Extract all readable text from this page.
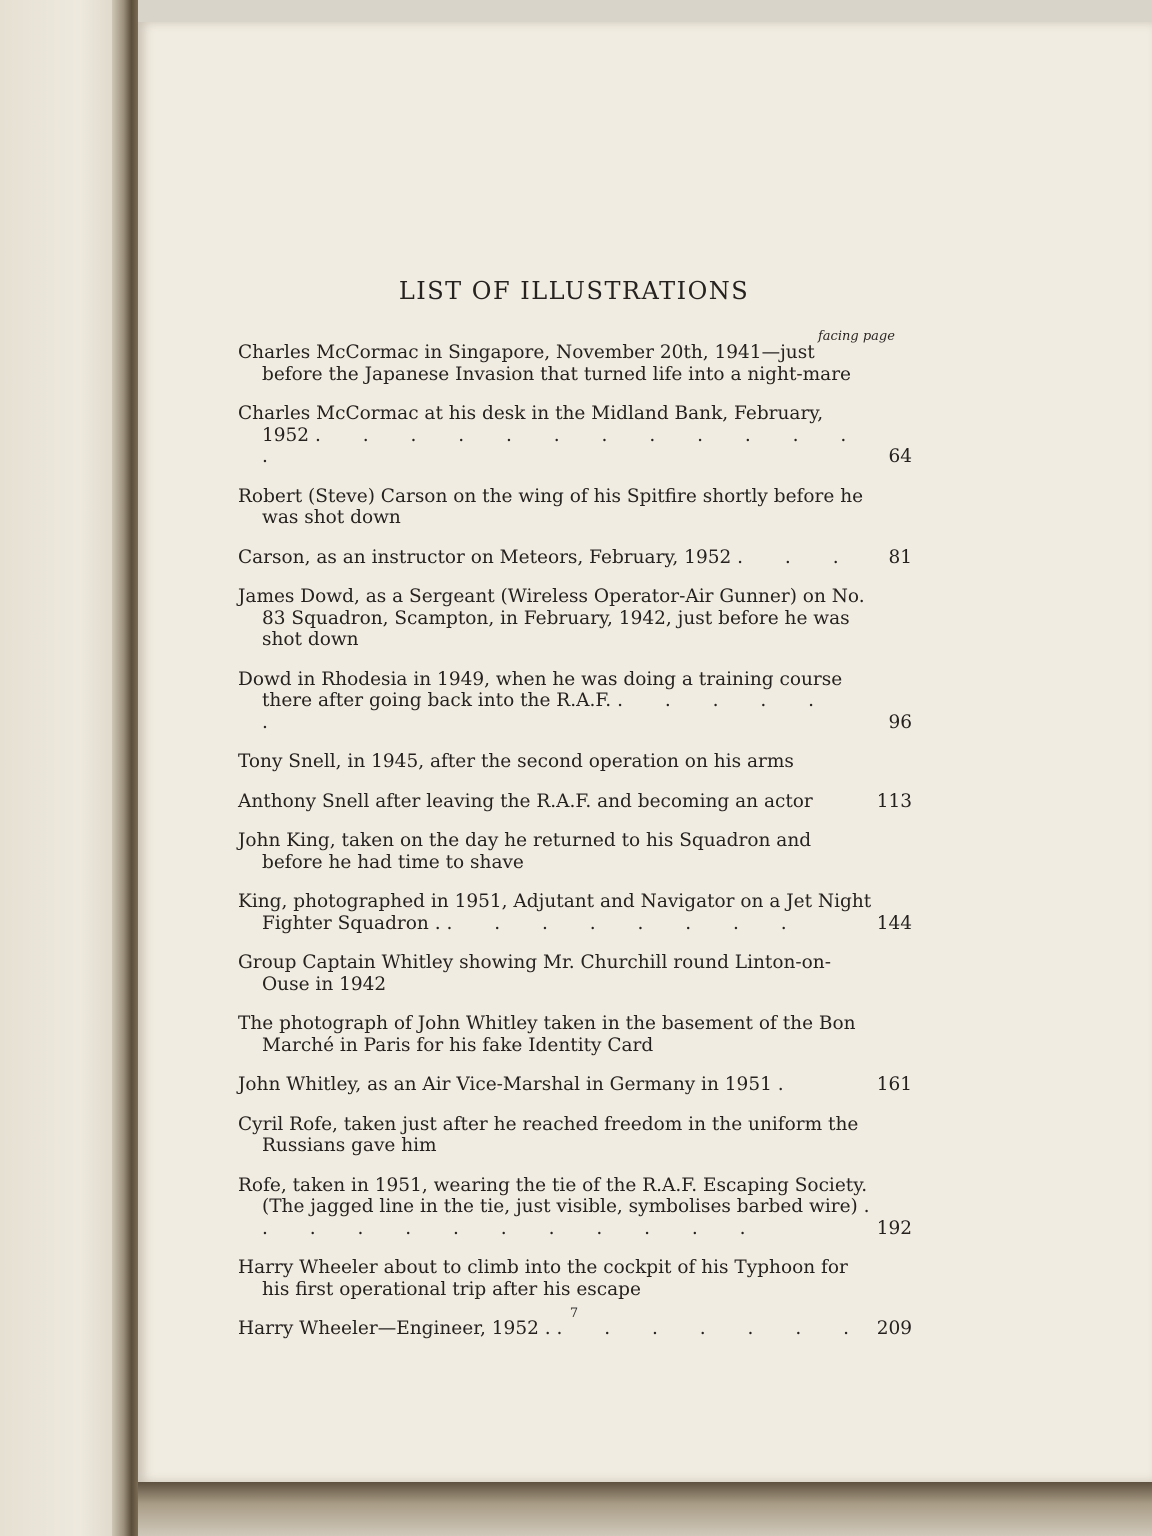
LIST OF ILLUSTRATIONS
facing page
Charles McCormac in Singapore, November 20th, 1941—just before the Japanese Invasion that turned life into a night-mare
Charles McCormac at his desk in the Midland Bank, February, 1952 . . . . . . . . . . . . .	64
Robert (Steve) Carson on the wing of his Spitfire shortly before he was shot down
Carson, as an instructor on Meteors, February, 1952 . . .	81
James Dowd, as a Sergeant (Wireless Operator-Air Gunner) on No. 83 Squadron, Scampton, in February, 1942, just before he was shot down
Dowd in Rhodesia in 1949, when he was doing a training course there after going back into the R.A.F. . . . . . .	96
Tony Snell, in 1945, after the second operation on his arms
Anthony Snell after leaving the R.A.F. and becoming an actor	113
John King, taken on the day he returned to his Squadron and before he had time to shave
King, photographed in 1951, Adjutant and Navigator on a Jet Night Fighter Squadron . . . . . . . . .	144
Group Captain Whitley showing Mr. Churchill round Linton-on-Ouse in 1942
The photograph of John Whitley taken in the basement of the Bon Marché in Paris for his fake Identity Card
John Whitley, as an Air Vice-Marshal in Germany in 1951 .	161
Cyril Rofe, taken just after he reached freedom in the uniform the Russians gave him
Rofe, taken in 1951, wearing the tie of the R.A.F. Escaping Society. (The jagged line in the tie, just visible, symbolises barbed wire) . . . . . . . . . . . .	192
Harry Wheeler about to climb into the cockpit of his Typhoon for his first operational trip after his escape
Harry Wheeler—Engineer, 1952 . . . . . . . . 209
7
